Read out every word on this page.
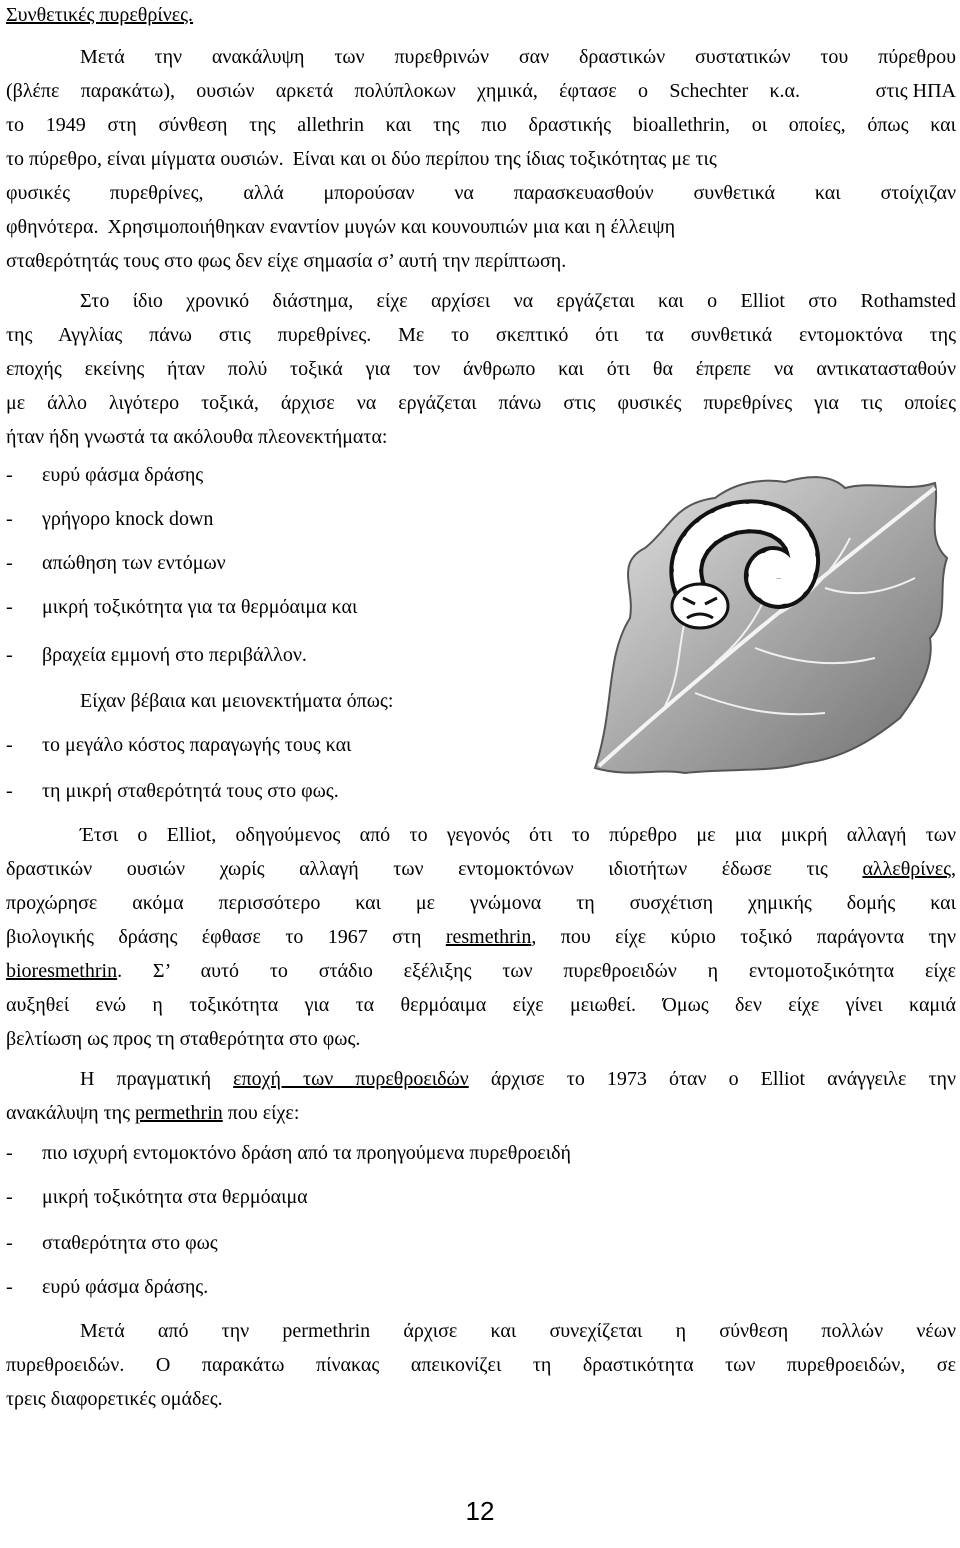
Συνθετικές πυρεθρίνες.
Μετά την ανακάλυψη των πυρεθρινών σαν δραστικών συστατικών του πύρεθρου
(βλέπε παρακάτω), ουσιών αρκετά πολύπλοκων χημικά, έφτασε ο Schechter κ.α.	στις ΗΠΑ
το 1949 στη σύνθεση της allethrin και της πιο δραστικής bioallethrin, οι οποίες, όπως και
το πύρεθρο, είναι μίγματα ουσιών. Είναι και οι δύο περίπου της ίδιας τοξικότητας με τις
φυσικές πυρεθρίνες, αλλά μπορούσαν να παρασκευασθούν συνθετικά και στοίχιζαν
φθηνότερα. Χρησιμοποιήθηκαν εναντίον μυγών και κουνουπιών μια και η έλλειψη
σταθερότητάς τους στο φως δεν είχε σημασία σ’ αυτή την περίπτωση.
Στο ίδιο χρονικό διάστημα, είχε αρχίσει να εργάζεται και ο Elliot στο Rothamsted
της Αγγλίας πάνω στις πυρεθρίνες. Με το σκεπτικό ότι τα συνθετικά εντομοκτόνα της
εποχής εκείνης ήταν πολύ τοξικά για τον άνθρωπο και ότι θα έπρεπε να αντικατασταθούν
με άλλο λιγότερο τοξικά, άρχισε να εργάζεται πάνω στις φυσικές πυρεθρίνες για τις οποίες
ήταν ήδη γνωστά τα ακόλουθα πλεονεκτήματα:
- ευρύ φάσμα δράσης
- γρήγορο knock down
- απώθηση των εντόμων
- μικρή τοξικότητα για τα θερμόαιμα και
- βραχεία εμμονή στο περιβάλλον.
Είχαν βέβαια και μειονεκτήματα όπως:
- το μεγάλο κόστος παραγωγής τους και
- τη μικρή σταθερότητά τους στο φως.
Έτσι ο Elliot, οδηγούμενος από το γεγονός ότι το πύρεθρο με μια μικρή αλλαγή των
δραστικών ουσιών χωρίς αλλαγή των εντομοκτόνων ιδιοτήτων έδωσε τις αλλεθρίνες,
προχώρησε ακόμα περισσότερο και με γνώμονα τη συσχέτιση χημικής δομής και
βιολογικής δράσης έφθασε το 1967 στη resmethrin, που είχε κύριο τοξικό παράγοντα την
bioresmethrin. Σ’ αυτό το στάδιο εξέλιξης των πυρεθροειδών η εντομοτοξικότητα είχε
αυξηθεί ενώ η τοξικότητα για τα θερμόαιμα είχε μειωθεί. Όμως δεν είχε γίνει καμιά
βελτίωση ως προς τη σταθερότητα στο φως.
Η πραγματική εποχή των πυρεθροειδών άρχισε το 1973 όταν ο Elliot ανάγγειλε την
ανακάλυψη της permethrin που είχε:
- πιο ισχυρή εντομοκτόνο δράση από τα προηγούμενα πυρεθροειδή
- μικρή τοξικότητα στα θερμόαιμα
- σταθερότητα στο φως
- ευρύ φάσμα δράσης.
Μετά από την permethrin άρχισε και συνεχίζεται η σύνθεση πολλών νέων
πυρεθροειδών. Ο παρακάτω πίνακας απεικονίζει τη δραστικότητα των πυρεθροειδών, σε
τρεις διαφορετικές ομάδες.
12
